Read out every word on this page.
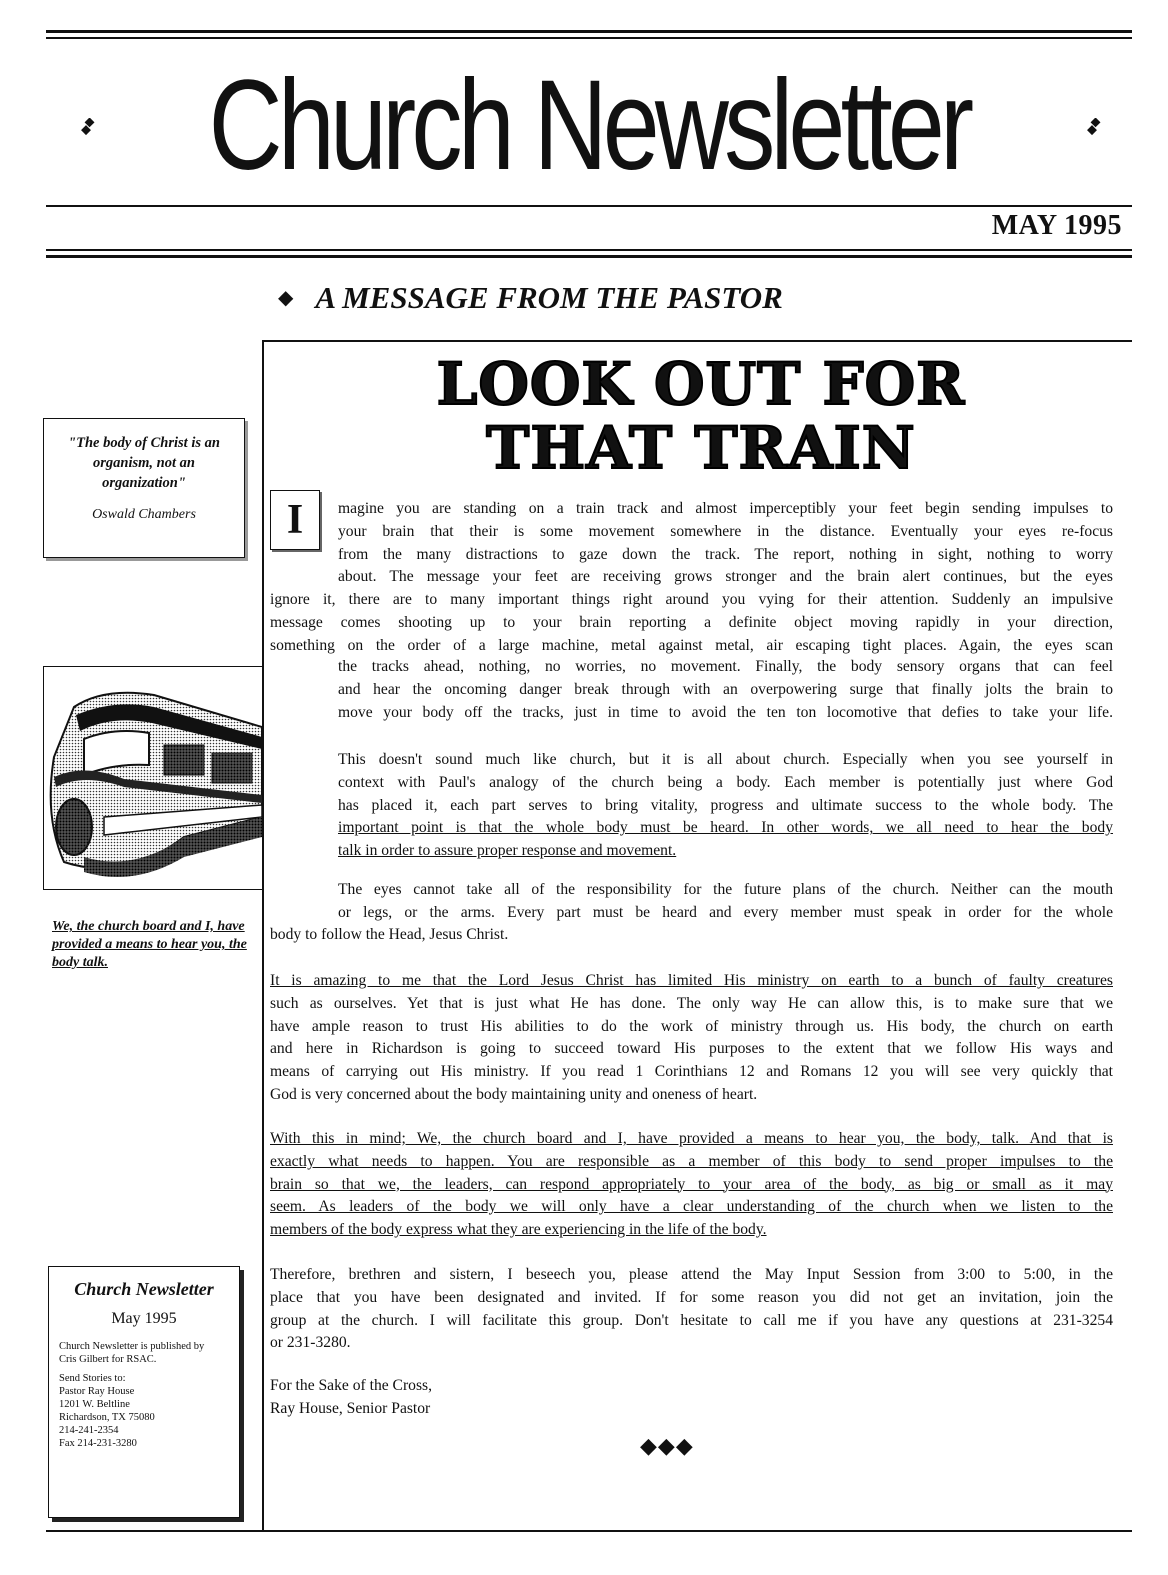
Church Newsletter
MAY 1995
◆ A MESSAGE FROM THE PASTOR
LOOK OUT FOR
THAT TRAIN
"The body of Christ is an organism, not an organization"
Oswald Chambers
We, the church board and I, have provided a means to hear you, the body talk.
Church Newsletter
May 1995
Church Newsletter is published by Cris Gilbert for RSAC.
Send Stories to:
Pastor Ray House
1201 W. Beltline
Richardson, TX 75080
214-241-2354
Fax 214-231-3280
I	magine you are standing on a train track and almost imperceptibly your feet begin sending impulses to
your brain that their is some movement somewhere in the distance. Eventually your eyes re-focus
from the many distractions to gaze down the track. The report, nothing in sight, nothing to worry
about. The message your feet are receiving grows stronger and the brain alert continues, but the eyes
ignore it, there are to many important things right around you vying for their attention. Suddenly an impulsive
message comes shooting up to your brain reporting a definite object moving rapidly in your direction,
something on the order of a large machine, metal against metal, air escaping tight places. Again, the eyes scan
the tracks ahead, nothing, no worries, no movement. Finally, the body sensory organs that can feel
and hear the oncoming danger break through with an overpowering surge that finally jolts the brain to
move your body off the tracks, just in time to avoid the ten ton locomotive that defies to take your life.
This doesn't sound much like church, but it is all about church. Especially when you see yourself in
context with Paul's analogy of the church being a body. Each member is potentially just where God
has placed it, each part serves to bring vitality, progress and ultimate success to the whole body. The
important point is that the whole body must be heard. In other words, we all need to hear the body
talk in order to assure proper response and movement.
The eyes cannot take all of the responsibility for the future plans of the church. Neither can the mouth
or legs, or the arms. Every part must be heard and every member must speak in order for the whole
body to follow the Head, Jesus Christ.
It is amazing to me that the Lord Jesus Christ has limited His ministry on earth to a bunch of faulty creatures
such as ourselves. Yet that is just what He has done. The only way He can allow this, is to make sure that we
have ample reason to trust His abilities to do the work of ministry through us. His body, the church on earth
and here in Richardson is going to succeed toward His purposes to the extent that we follow His ways and
means of carrying out His ministry. If you read 1 Corinthians 12 and Romans 12 you will see very quickly that
God is very concerned about the body maintaining unity and oneness of heart.
With this in mind; We, the church board and I, have provided a means to hear you, the body, talk. And that is
exactly what needs to happen. You are responsible as a member of this body to send proper impulses to the
brain so that we, the leaders, can respond appropriately to your area of the body, as big or small as it may
seem. As leaders of the body we will only have a clear understanding of the church when we listen to the
members of the body express what they are experiencing in the life of the body.
Therefore, brethren and sistern, I beseech you, please attend the May Input Session from 3:00 to 5:00, in the
place that you have been designated and invited. If for some reason you did not get an invitation, join the
group at the church. I will facilitate this group. Don't hesitate to call me if you have any questions at 231-3254
or 231-3280.
For the Sake of the Cross,
Ray House, Senior Pastor
◆◆◆
